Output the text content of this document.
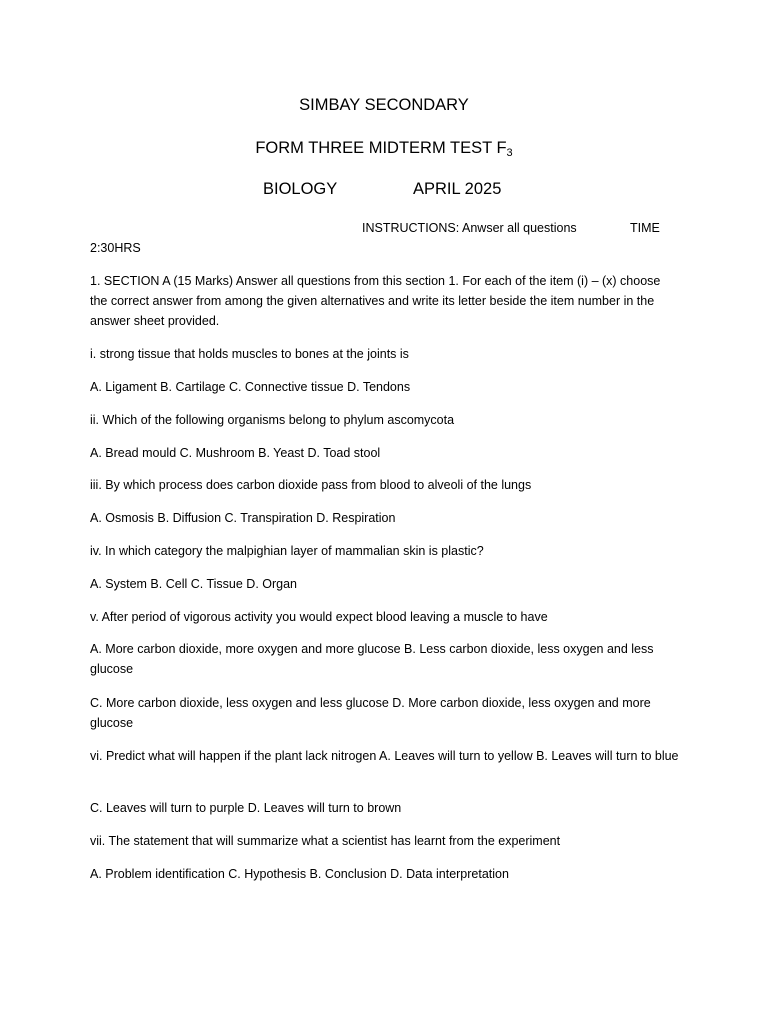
SIMBAY SECONDARY
FORM THREE MIDTERM TEST $F_3$
BIOLOGY	APRIL 2025
INSTRUCTIONS: Anwser all questions	TIME
2:30HRS
1. SECTION A (15 Marks) Answer all questions from this section 1. For each of the item (i) – (x) choose the correct answer from among the given alternatives and write its letter beside the item number in the answer sheet provided.
i. strong tissue that holds muscles to bones at the joints is
A. Ligament B. Cartilage C. Connective tissue D. Tendons
ii. Which of the following organisms belong to phylum ascomycota
A. Bread mould C. Mushroom B. Yeast D. Toad stool
iii. By which process does carbon dioxide pass from blood to alveoli of the lungs
A. Osmosis B. Diffusion C. Transpiration D. Respiration
iv. In which category the malpighian layer of mammalian skin is plastic?
A. System B. Cell C. Tissue D. Organ
v. After period of vigorous activity you would expect blood leaving a muscle to have
A. More carbon dioxide, more oxygen and more glucose B. Less carbon dioxide, less oxygen and less glucose
C. More carbon dioxide, less oxygen and less glucose D. More carbon dioxide, less oxygen and more glucose
vi. Predict what will happen if the plant lack nitrogen A. Leaves will turn to yellow B. Leaves will turn to blue
C. Leaves will turn to purple D. Leaves will turn to brown
vii. The statement that will summarize what a scientist has learnt from the experiment
A. Problem identification C. Hypothesis B. Conclusion D. Data interpretation
